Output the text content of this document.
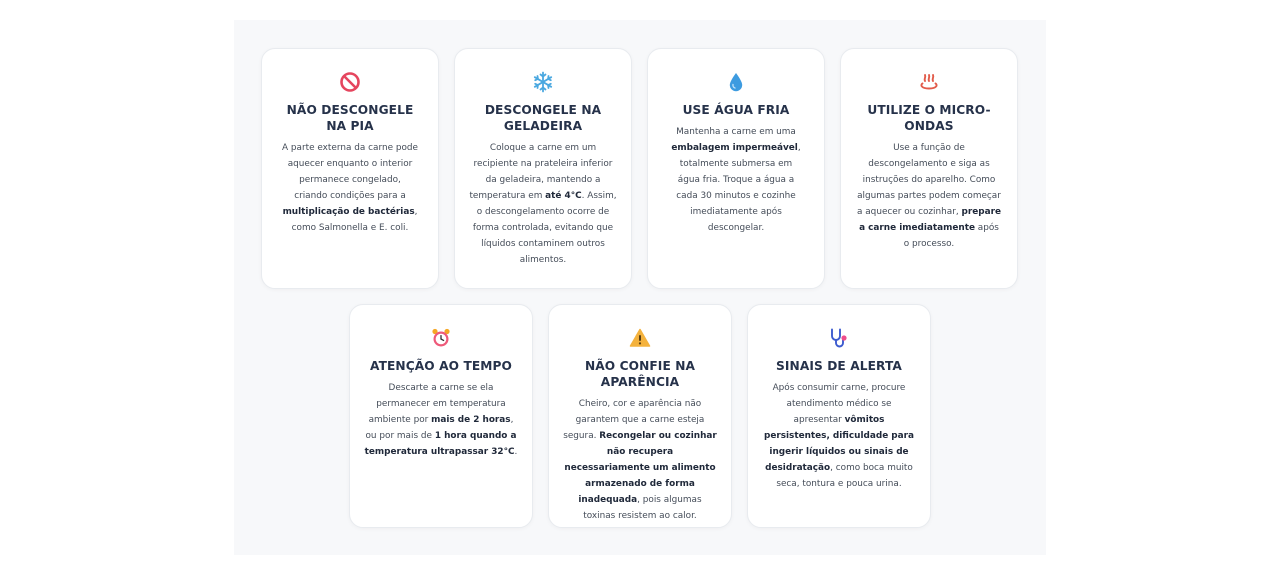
NÃO DESCONGELE NA PIA
A parte externa da carne pode aquecer enquanto o interior permanece congelado, criando condições para a multiplicação de bactérias, como Salmonella e E. coli.
DESCONGELE NA GELADEIRA
Coloque a carne em um recipiente na prateleira inferior da geladeira, mantendo a temperatura em até 4°C. Assim, o descongelamento ocorre de forma controlada, evitando que líquidos contaminem outros alimentos.
USE ÁGUA FRIA
Mantenha a carne em uma embalagem impermeável, totalmente submersa em água fria. Troque a água a cada 30 minutos e cozinhe imediatamente após descongelar.
UTILIZE O MICRO-ONDAS
Use a função de descongelamento e siga as instruções do aparelho. Como algumas partes podem começar a aquecer ou cozinhar, prepare a carne imediatamente após o processo.
ATENÇÃO AO TEMPO
Descarte a carne se ela permanecer em temperatura ambiente por mais de 2 horas, ou por mais de 1 hora quando a temperatura ultrapassar 32°C.
NÃO CONFIE NA APARÊNCIA
Cheiro, cor e aparência não garantem que a carne esteja segura. Recongelar ou cozinhar não recupera necessariamente um alimento armazenado de forma inadequada, pois algumas toxinas resistem ao calor.
SINAIS DE ALERTA
Após consumir carne, procure atendimento médico se apresentar vômitos persistentes, dificuldade para ingerir líquidos ou sinais de desidratação, como boca muito seca, tontura e pouca urina.
